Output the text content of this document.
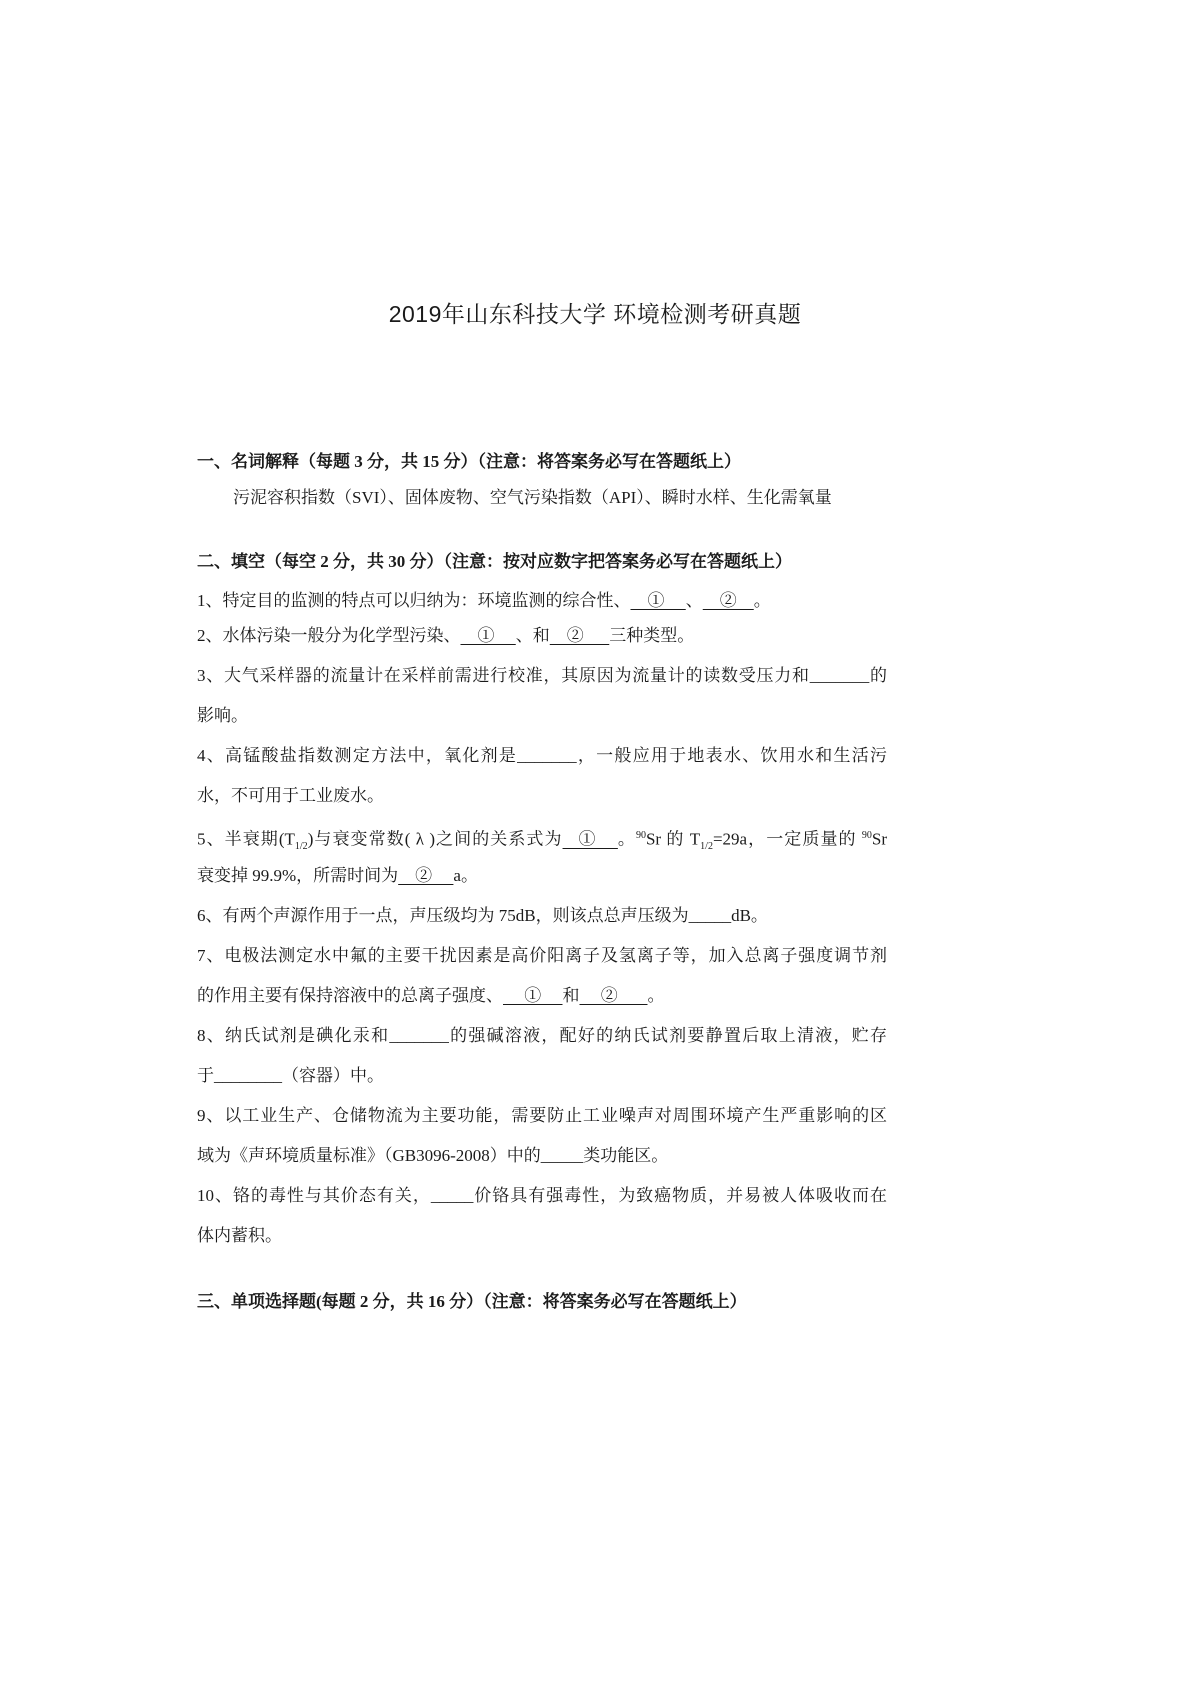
2019年山东科技大学 环境检测考研真题
一、名词解释（每题 3 分，共 15 分）（注意：将答案务必写在答题纸上）
污泥容积指数（SVI）、固体废物、空气污染指数（API）、瞬时水样、生化需氧量
二、填空（每空 2 分，共 30 分）（注意：按对应数字把答案务必写在答题纸上）
1、特定目的监测的特点可以归纳为：环境监测的综合性、    ①     、    ②    。
2、水体污染一般分为化学型污染、    ①     、和    ②      三种类型。
3、大气采样器的流量计在采样前需进行校准，其原因为流量计的读数受压力和_______的
影响。
4、高锰酸盐指数测定方法中，氧化剂是_______，一般应用于地表水、饮用水和生活污
水，不可用于工业废水。
5、半衰期$(T_{1/2})$与衰变常数( λ )之间的关系式为   ①    。$^{90}$Sr 的 $T_{1/2}=29a$，一定质量的 $^{90}$Sr
衰变掉 99.9%，所需时间为    ②     a。
6、有两个声源作用于一点，声压级均为 75dB，则该点总声压级为_____dB。
7、电极法测定水中氟的主要干扰因素是高价阳离子及氢离子等，加入总离子强度调节剂
的作用主要有保持溶液中的总离子强度、     ①     和     ②       。
8、纳氏试剂是碘化汞和_______的强碱溶液，配好的纳氏试剂要静置后取上清液，贮存
于________（容器）中。
9、以工业生产、仓储物流为主要功能，需要防止工业噪声对周围环境产生严重影响的区
域为《声环境质量标准》（GB3096-2008）中的_____类功能区。
10、铬的毒性与其价态有关，_____价铬具有强毒性，为致癌物质，并易被人体吸收而在
体内蓄积。
三、单项选择题(每题 2 分，共 16 分）（注意：将答案务必写在答题纸上）
